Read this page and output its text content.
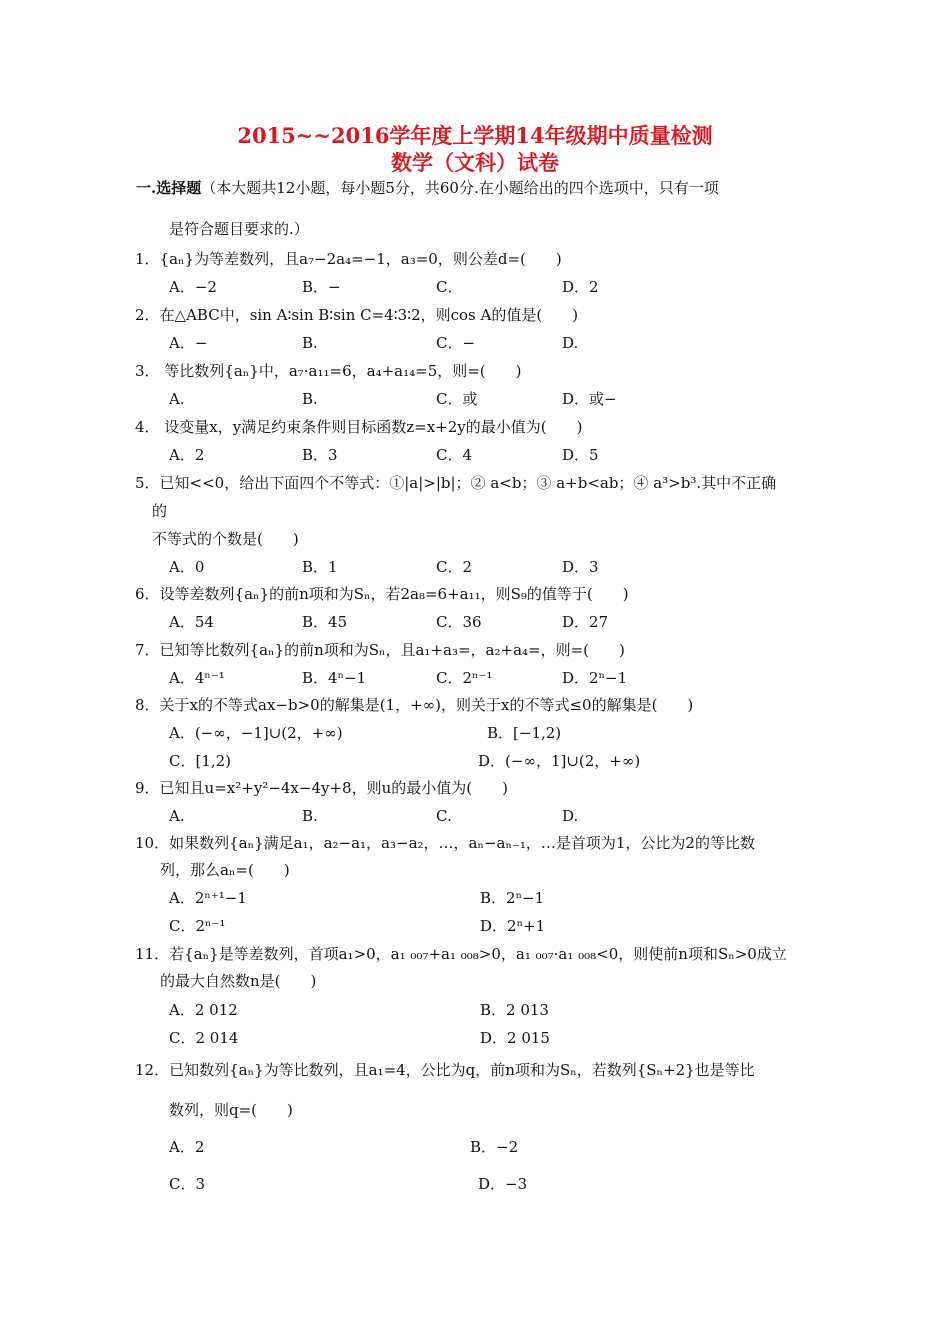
2015~~2016学年度上学期14年级期中质量检测
数学（文科）试卷
一.选择题（本大题共12小题，每小题5分，共60分.在小题给出的四个选项中，只有一项
是符合题目要求的.）
1．{aₙ}为等差数列，且a₇−2a₄=−1，a₃=0，则公差d=(　　)
A．−2	B．−	C．	D．2
2．在△ABC中，sin A∶sin B∶sin C=4∶3∶2，则cos A的值是(　　)
A．−	B.	C．−	D.
3． 等比数列{aₙ}中，a₇·a₁₁=6，a₄+a₁₄=5，则=(　　)
A.	B.	C．或	D．或−
4． 设变量x，y满足约束条件则目标函数z=x+2y的最小值为(　　)
A．2	B．3	C．4	D．5
5．已知<<0，给出下面四个不等式：①|a|>|b|；② a<b；③ a+b<ab；④ a³>b³.其中不正确
的
不等式的个数是(　　)
A．0	B．1	C．2	D．3
6．设等差数列{aₙ}的前n项和为Sₙ，若2a₈=6+a₁₁，则S₉的值等于(　　)
A．54	B．45	C．36	D．27
7．已知等比数列{aₙ}的前n项和为Sₙ，且a₁+a₃=，a₂+a₄=，则=(　　)
A．4ⁿ⁻¹	B．4ⁿ−1	C．2ⁿ⁻¹	D．2ⁿ−1
8．关于x的不等式ax−b>0的解集是(1，+∞)，则关于x的不等式≤0的解集是(　　)
A．(−∞，−1]∪(2，+∞)	B．[−1,2)
C．[1,2)	D．(−∞，1]∪(2，+∞)
9．已知且u=x²+y²−4x−4y+8，则u的最小值为(　　)
A.	B.	C.	D.
10．如果数列{aₙ}满足a₁，a₂−a₁，a₃−a₂，…，aₙ−aₙ₋₁，…是首项为1，公比为2的等比数
列，那么aₙ=(　　)
A．2ⁿ⁺¹−1	B．2ⁿ−1
C．2ⁿ⁻¹	D．2ⁿ+1
11．若{aₙ}是等差数列，首项a₁>0，a₁ ₀₀₇+a₁ ₀₀₈>0，a₁ ₀₀₇·a₁ ₀₀₈<0，则使前n项和Sₙ>0成立
的最大自然数n是(　　)
A．2 012	B．2 013
C．2 014	D．2 015
12．已知数列{aₙ}为等比数列，且a₁=4，公比为q，前n项和为Sₙ，若数列{Sₙ+2}也是等比
数列，则q=(　　)
A．2	B．−2
C．3	D．−3
